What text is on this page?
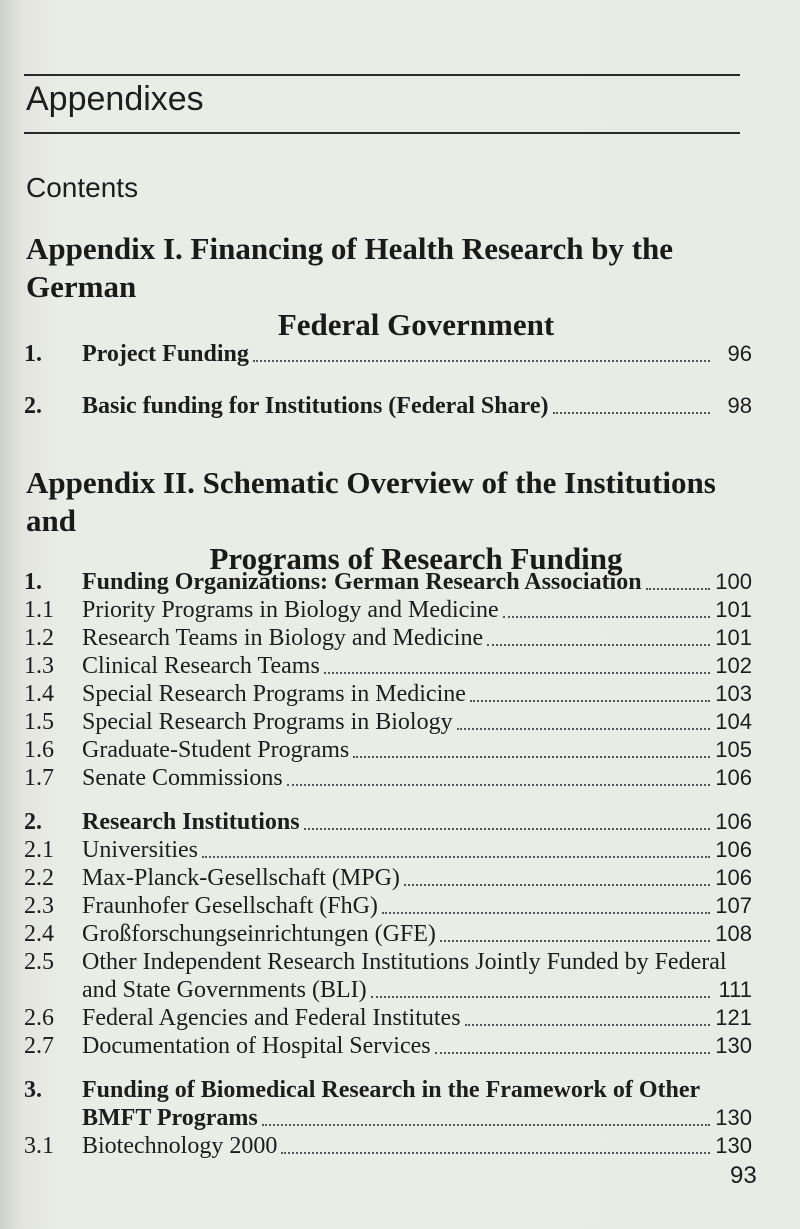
Appendixes
Contents
Appendix I. Financing of Health Research by the German
Federal Government
1.	Project Funding	96
2.	Basic funding for Institutions (Federal Share)	98
Appendix II. Schematic Overview of the Institutions and
Programs of Research Funding
1.	Funding Organizations: German Research Association	100
1.1	Priority Programs in Biology and Medicine	101
1.2	Research Teams in Biology and Medicine	101
1.3	Clinical Research Teams	102
1.4	Special Research Programs in Medicine	103
1.5	Special Research Programs in Biology	104
1.6	Graduate-Student Programs	105
1.7	Senate Commissions	106
2.	Research Institutions	106
2.1	Universities	106
2.2	Max-Planck-Gesellschaft (MPG)	106
2.3	Fraunhofer Gesellschaft (FhG)	107
2.4	Großforschungseinrichtungen (GFE)	108
2.5	Other Independent Research Institutions Jointly Funded by Federal
and State Governments (BLI)	111
2.6	Federal Agencies and Federal Institutes	121
2.7	Documentation of Hospital Services	130
3.	Funding of Biomedical Research in the Framework of Other
BMFT Programs	130
3.1	Biotechnology 2000	130
93
